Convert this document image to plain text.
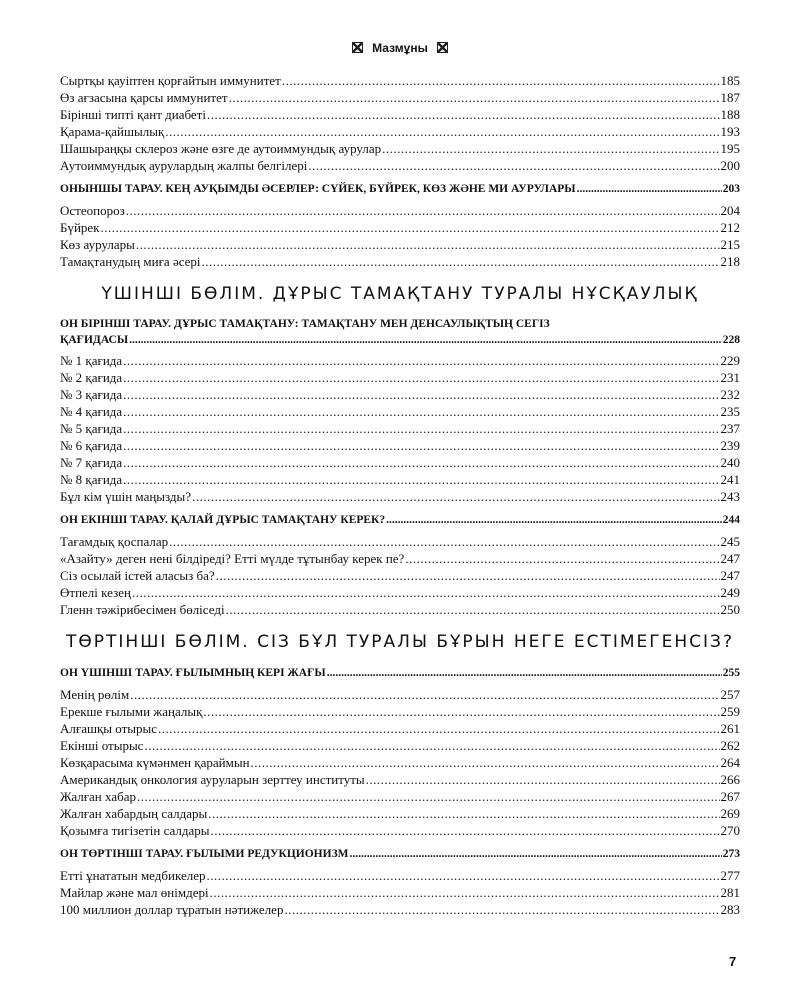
Мазмұны
Сыртқы қауіптен қорғайтын иммунитет .....	185
Өз ағзасына қарсы иммунитет .....	187
Бірінші типті қант диабеті .....	188
Қарама-қайшылық .....	193
Шашыраңқы склероз және өзге де аутоиммундық аурулар .....	195
Аутоиммундық аурулардың жалпы белгілері .....	200
ОНЫНШЫ ТАРАУ. КЕҢ АУҚЫМДЫ ӘСЕРЛЕР: СҮЙЕК, БҮЙРЕК, КӨЗ ЖӘНЕ МИ АУРУЛАРЫ .....	203
Остеопороз .....	204
Бүйрек .....	212
Көз аурулары .....	215
Тамақтанудың миға әсері .....	218
ҮШІНШІ БӨЛІМ. ДҰРЫС ТАМАҚТАНУ ТУРАЛЫ НҰСҚАУЛЫҚ
ОН БІРІНШІ ТАРАУ. ДҰРЫС ТАМАҚТАНУ: ТАМАҚТАНУ МЕН ДЕНСАУЛЫҚТЫҢ СЕГІЗ
ҚАҒИДАСЫ .....	228
№ 1 қағида .....	229
№ 2 қағида .....	231
№ 3 қағида .....	232
№ 4 қағида .....	235
№ 5 қағида .....	237
№ 6 қағида .....	239
№ 7 қағида .....	240
№ 8 қағида .....	241
Бұл кім үшін маңызды? .....	243
ОН ЕКІНШІ ТАРАУ. ҚАЛАЙ ДҰРЫС ТАМАҚТАНУ КЕРЕК? .....	244
Тағамдық қоспалар .....	245
«Азайту» деген нені білдіреді? Етті мүлде тұтынбау керек пе? .....	247
Сіз осылай істей аласыз ба? .....	247
Өтпелі кезең .....	249
Гленн тәжірибесімен бөліседі .....	250
ТӨРТІНШІ БӨЛІМ. СІЗ БҰЛ ТУРАЛЫ БҰРЫН НЕГЕ ЕСТІМЕГЕНСІЗ?
ОН ҮШІНШІ ТАРАУ. ҒЫЛЫМНЫҢ КЕРІ ЖАҒЫ .....	255
Менің рөлім .....	257
Ерекше ғылыми жаңалық .....	259
Алғашқы отырыс .....	261
Екінші отырыс .....	262
Көзқарасыма күмәнмен қараймын .....	264
Американдық онкология ауруларын зерттеу институты .....	266
Жалған хабар .....	267
Жалған хабардың салдары .....	269
Қозымға тигізетін салдары .....	270
ОН ТӨРТІНШІ ТАРАУ. ҒЫЛЫМИ РЕДУКЦИОНИЗМ .....	273
Етті ұнататын медбикелер .....	277
Майлар және мал өнімдері .....	281
100 миллион доллар тұратын нәтижелер .....	283
7
